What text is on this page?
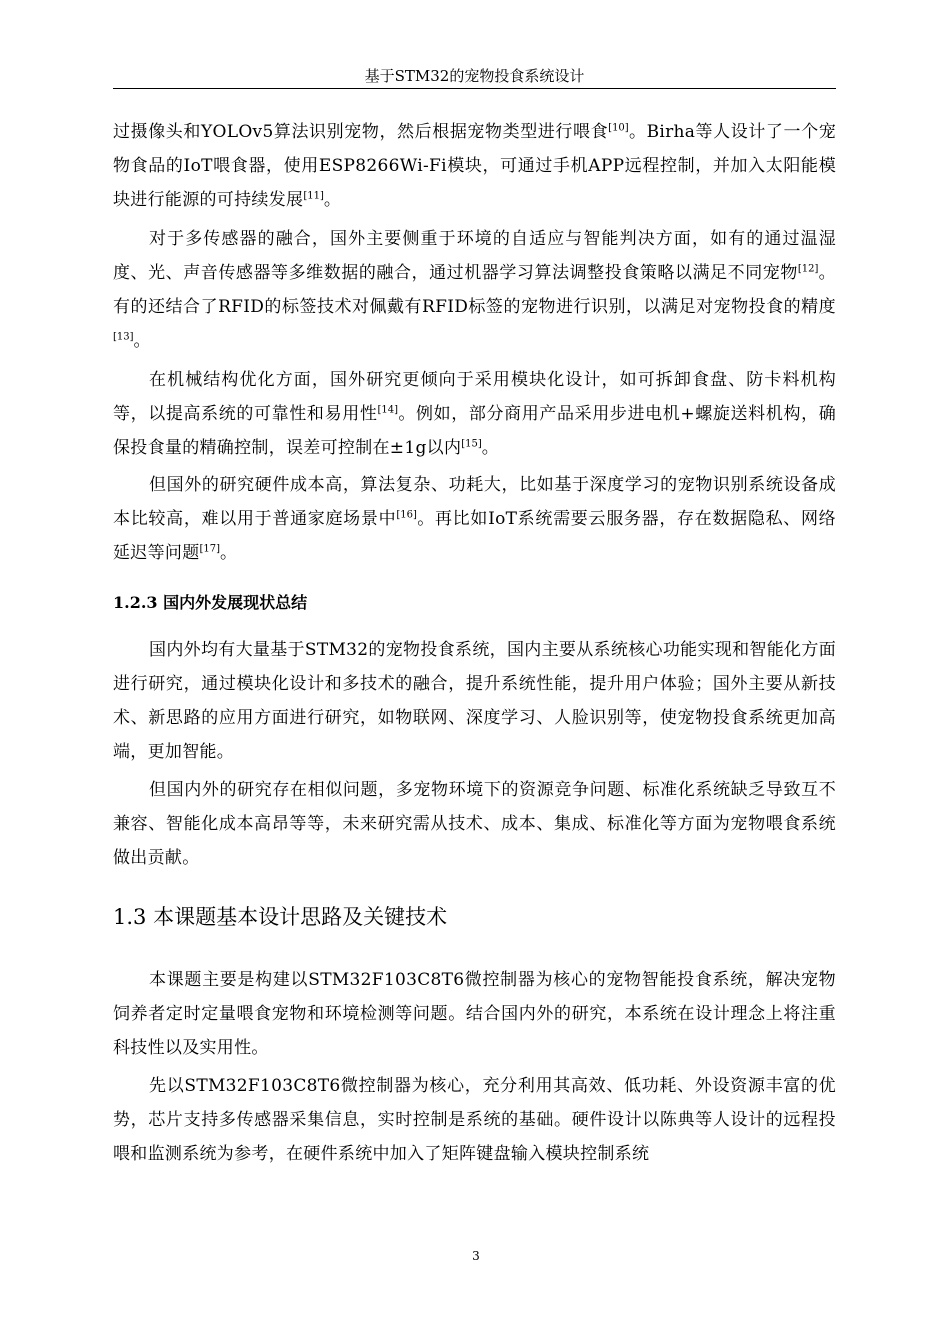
基于STM32的宠物投食系统设计

过摄像头和YOLOv5算法识别宠物，然后根据宠物类型进行喂食[10]。Birha等人设计了一个宠物食品的IoT喂食器，使用ESP8266Wi-Fi模块，可通过手机APP远程控制，并加入太阳能模块进行能源的可持续发展[11]。

对于多传感器的融合，国外主要侧重于环境的自适应与智能判决方面，如有的通过温湿度、光、声音传感器等多维数据的融合，通过机器学习算法调整投食策略以满足不同宠物[12]。有的还结合了RFID的标签技术对佩戴有RFID标签的宠物进行识别，以满足对宠物投食的精度[13]。

在机械结构优化方面，国外研究更倾向于采用模块化设计，如可拆卸食盘、防卡料机构等，以提高系统的可靠性和易用性[14]。例如，部分商用产品采用步进电机+螺旋送料机构，确保投食量的精确控制，误差可控制在±1g以内[15]。

但国外的研究硬件成本高，算法复杂、功耗大，比如基于深度学习的宠物识别系统设备成本比较高，难以用于普通家庭场景中[16]。再比如IoT系统需要云服务器，存在数据隐私、网络延迟等问题[17]。

1.2.3 国内外发展现状总结

国内外均有大量基于STM32的宠物投食系统，国内主要从系统核心功能实现和智能化方面进行研究，通过模块化设计和多技术的融合，提升系统性能，提升用户体验；国外主要从新技术、新思路的应用方面进行研究，如物联网、深度学习、人脸识别等，使宠物投食系统更加高端，更加智能。

但国内外的研究存在相似问题，多宠物环境下的资源竞争问题、标准化系统缺乏导致互不兼容、智能化成本高昂等等，未来研究需从技术、成本、集成、标准化等方面为宠物喂食系统做出贡献。

1.3 本课题基本设计思路及关键技术

本课题主要是构建以STM32F103C8T6微控制器为核心的宠物智能投食系统，解决宠物饲养者定时定量喂食宠物和环境检测等问题。结合国内外的研究，本系统在设计理念上将注重科技性以及实用性。

先以STM32F103C8T6微控制器为核心，充分利用其高效、低功耗、外设资源丰富的优势，芯片支持多传感器采集信息，实时控制是系统的基础。硬件设计以陈典等人设计的远程投喂和监测系统为参考，在硬件系统中加入了矩阵键盘输入模块控制系统

3
